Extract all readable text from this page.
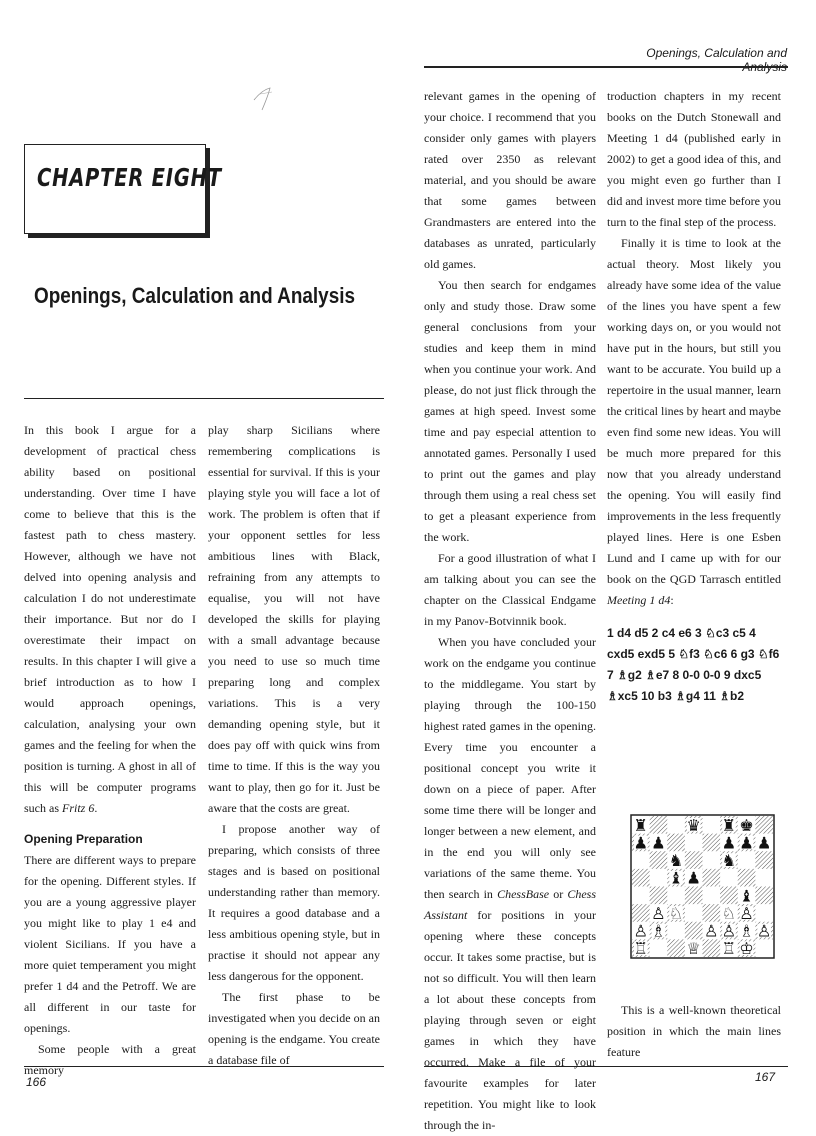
Openings, Calculation and Analysis
CHAPTER EIGHT
Openings, Calculation and Analysis

In this book I argue for a development of practical chess ability based on positional understanding. Over time I have come to believe that this is the fastest path to chess mastery. However, although we have not delved into opening analysis and calculation I do not underestimate their importance. But nor do I overestimate their impact on results. In this chapter I will give a brief introduction as to how I would approach openings, calculation, analysing your own games and the feeling for when the position is turning. A ghost in all of this will be computer programs such as Fritz 6.

Opening Preparation

There are different ways to prepare for the opening. Different styles. If you are a young aggressive player you might like to play 1 e4 and violent Sicilians. If you have a more quiet temperament you might prefer 1 d4 and the Petroff. We are all different in our taste for openings.

Some people with a great memory

play sharp Sicilians where remembering complications is essential for survival. If this is your playing style you will face a lot of work. The problem is often that if your opponent settles for less ambitious lines with Black, refraining from any attempts to equalise, you will not have developed the skills for playing with a small advantage because you need to use so much time preparing long and complex variations. This is a very demanding opening style, but it does pay off with quick wins from time to time. If this is the way you want to play, then go for it. Just be aware that the costs are great.

I propose another way of preparing, which consists of three stages and is based on positional understanding rather than memory. It requires a good database and a less ambitious opening style, but in practise it should not appear any less dangerous for the opponent.

The first phase to be investigated when you decide on an opening is the endgame. You create a database file of

relevant games in the opening of your choice. I recommend that you consider only games with players rated over 2350 as relevant material, and you should be aware that some games between Grandmasters are entered into the databases as unrated, particularly old games.

You then search for endgames only and study those. Draw some general conclusions from your studies and keep them in mind when you continue your work. And please, do not just flick through the games at high speed. Invest some time and pay especial attention to annotated games. Personally I used to print out the games and play through them using a real chess set to get a pleasant experience from the work.

For a good illustration of what I am talking about you can see the chapter on the Classical Endgame in my Panov-Botvinnik book.

When you have concluded your work on the endgame you continue to the middlegame. You start by playing through the 100-150 highest rated games in the opening. Every time you encounter a positional concept you write it down on a piece of paper. After some time there will be longer and longer between a new element, and in the end you will only see variations of the same theme. You then search in ChessBase or Chess Assistant for positions in your opening where these concepts occur. It takes some practise, but is not so difficult. You will then learn a lot about these concepts from playing through seven or eight games in which they have occurred. Make a file of your favourite examples for later repetition. You might like to look through the in-

troduction chapters in my recent books on the Dutch Stonewall and Meeting 1 d4 (published early in 2002) to get a good idea of this, and you might even go further than I did and invest more time before you turn to the final step of the process.

Finally it is time to look at the actual theory. Most likely you already have some idea of the value of the lines you have spent a few working days on, or you would not have put in the hours, but still you want to be accurate. You build up a repertoire in the usual manner, learn the critical lines by heart and maybe even find some new ideas. You will be much more prepared for this now that you already understand the opening. You will easily find improvements in the less frequently played lines. Here is one Esben Lund and I came up with for our book on the QGD Tarrasch entitled Meeting 1 d4:

1 d4 d5 2 c4 e6 3 ♘c3 c5 4 cxd5 exd5 5 ♘f3 ♘c6 6 g3 ♘f6 7 ♗g2 ♗e7 8 0-0 0-0 9 dxc5 ♗xc5 10 b3 ♗g4 11 ♗b2

♜ ♛ ♜ ♚
♟ ♟	♟ ♟ ♟
♞ ♞
♝ ♟
♝
♙ ♘ ♘ ♙
♙ ♗ ♙ ♙ ♗ ♙
♖ ♕ ♖ ♔

This is a well-known theoretical position in which the main lines feature

166	167
